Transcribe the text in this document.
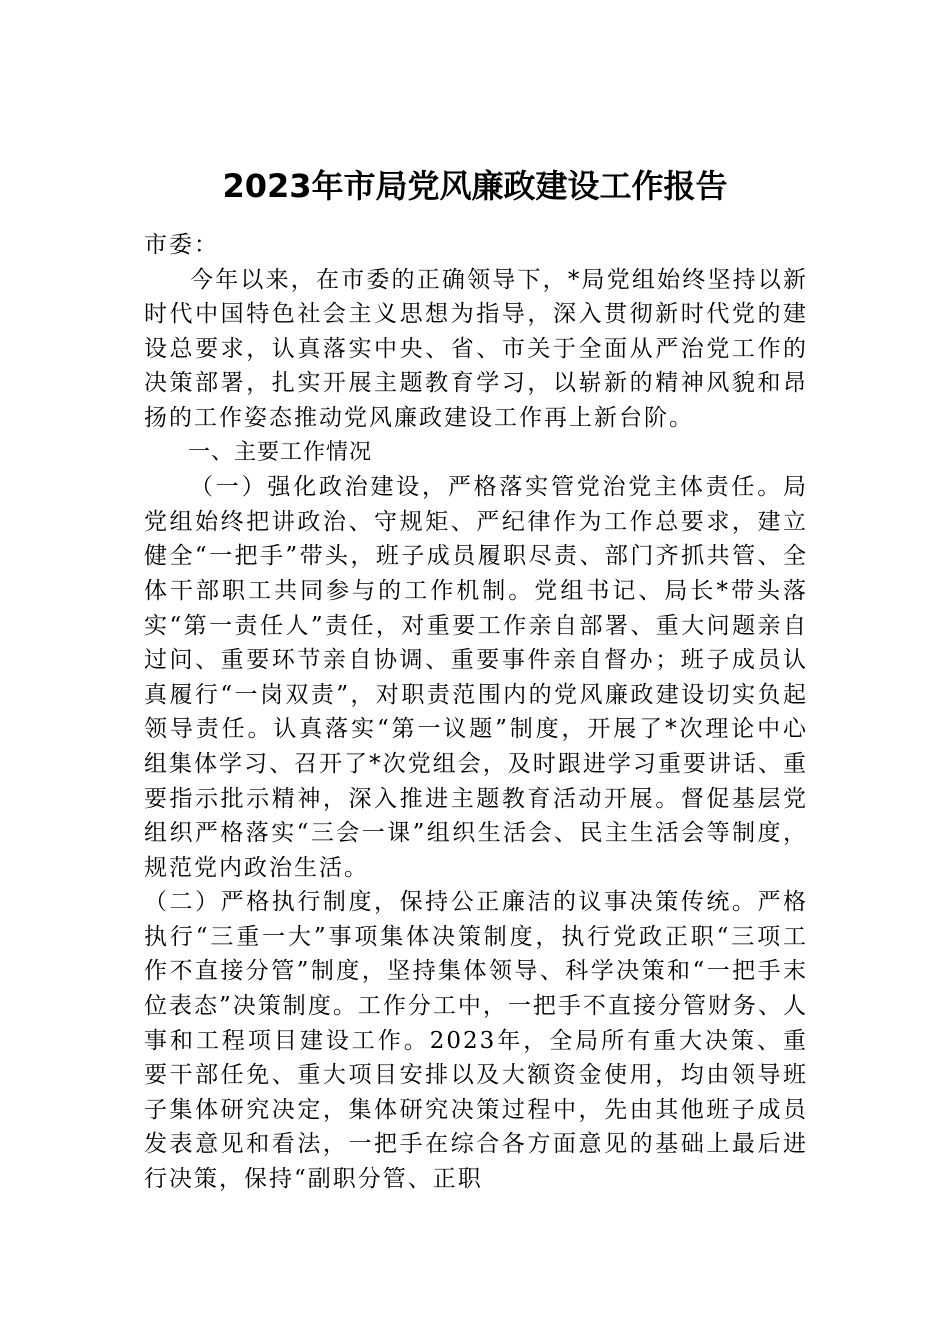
2023年市局党风廉政建设工作报告

市委：

今年以来，在市委的正确领导下，*局党组始终坚持以新时代中国特色社会主义思想为指导，深入贯彻新时代党的建设总要求，认真落实中央、省、市关于全面从严治党工作的决策部署，扎实开展主题教育学习，以崭新的精神风貌和昂扬的工作姿态推动党风廉政建设工作再上新台阶。

一、主要工作情况

（一）强化政治建设，严格落实管党治党主体责任。局党组始终把讲政治、守规矩、严纪律作为工作总要求，建立健全“一把手”带头，班子成员履职尽责、部门齐抓共管、全体干部职工共同参与的工作机制。党组书记、局长*带头落实“第一责任人”责任，对重要工作亲自部署、重大问题亲自过问、重要环节亲自协调、重要事件亲自督办；班子成员认真履行“一岗双责”，对职责范围内的党风廉政建设切实负起领导责任。认真落实“第一议题”制度，开展了*次理论中心组集体学习、召开了*次党组会，及时跟进学习重要讲话、重要指示批示精神，深入推进主题教育活动开展。督促基层党组织严格落实“三会一课”组织生活会、民主生活会等制度，规范党内政治生活。

（二）严格执行制度，保持公正廉洁的议事决策传统。严格执行“三重一大”事项集体决策制度，执行党政正职“三项工作不直接分管”制度，坚持集体领导、科学决策和“一把手末位表态”决策制度。工作分工中，一把手不直接分管财务、人事和工程项目建设工作。2023年，全局所有重大决策、重要干部任免、重大项目安排以及大额资金使用，均由领导班子集体研究决定，集体研究决策过程中，先由其他班子成员发表意见和看法，一把手在综合各方面意见的基础上最后进行决策，保持“副职分管、正职
